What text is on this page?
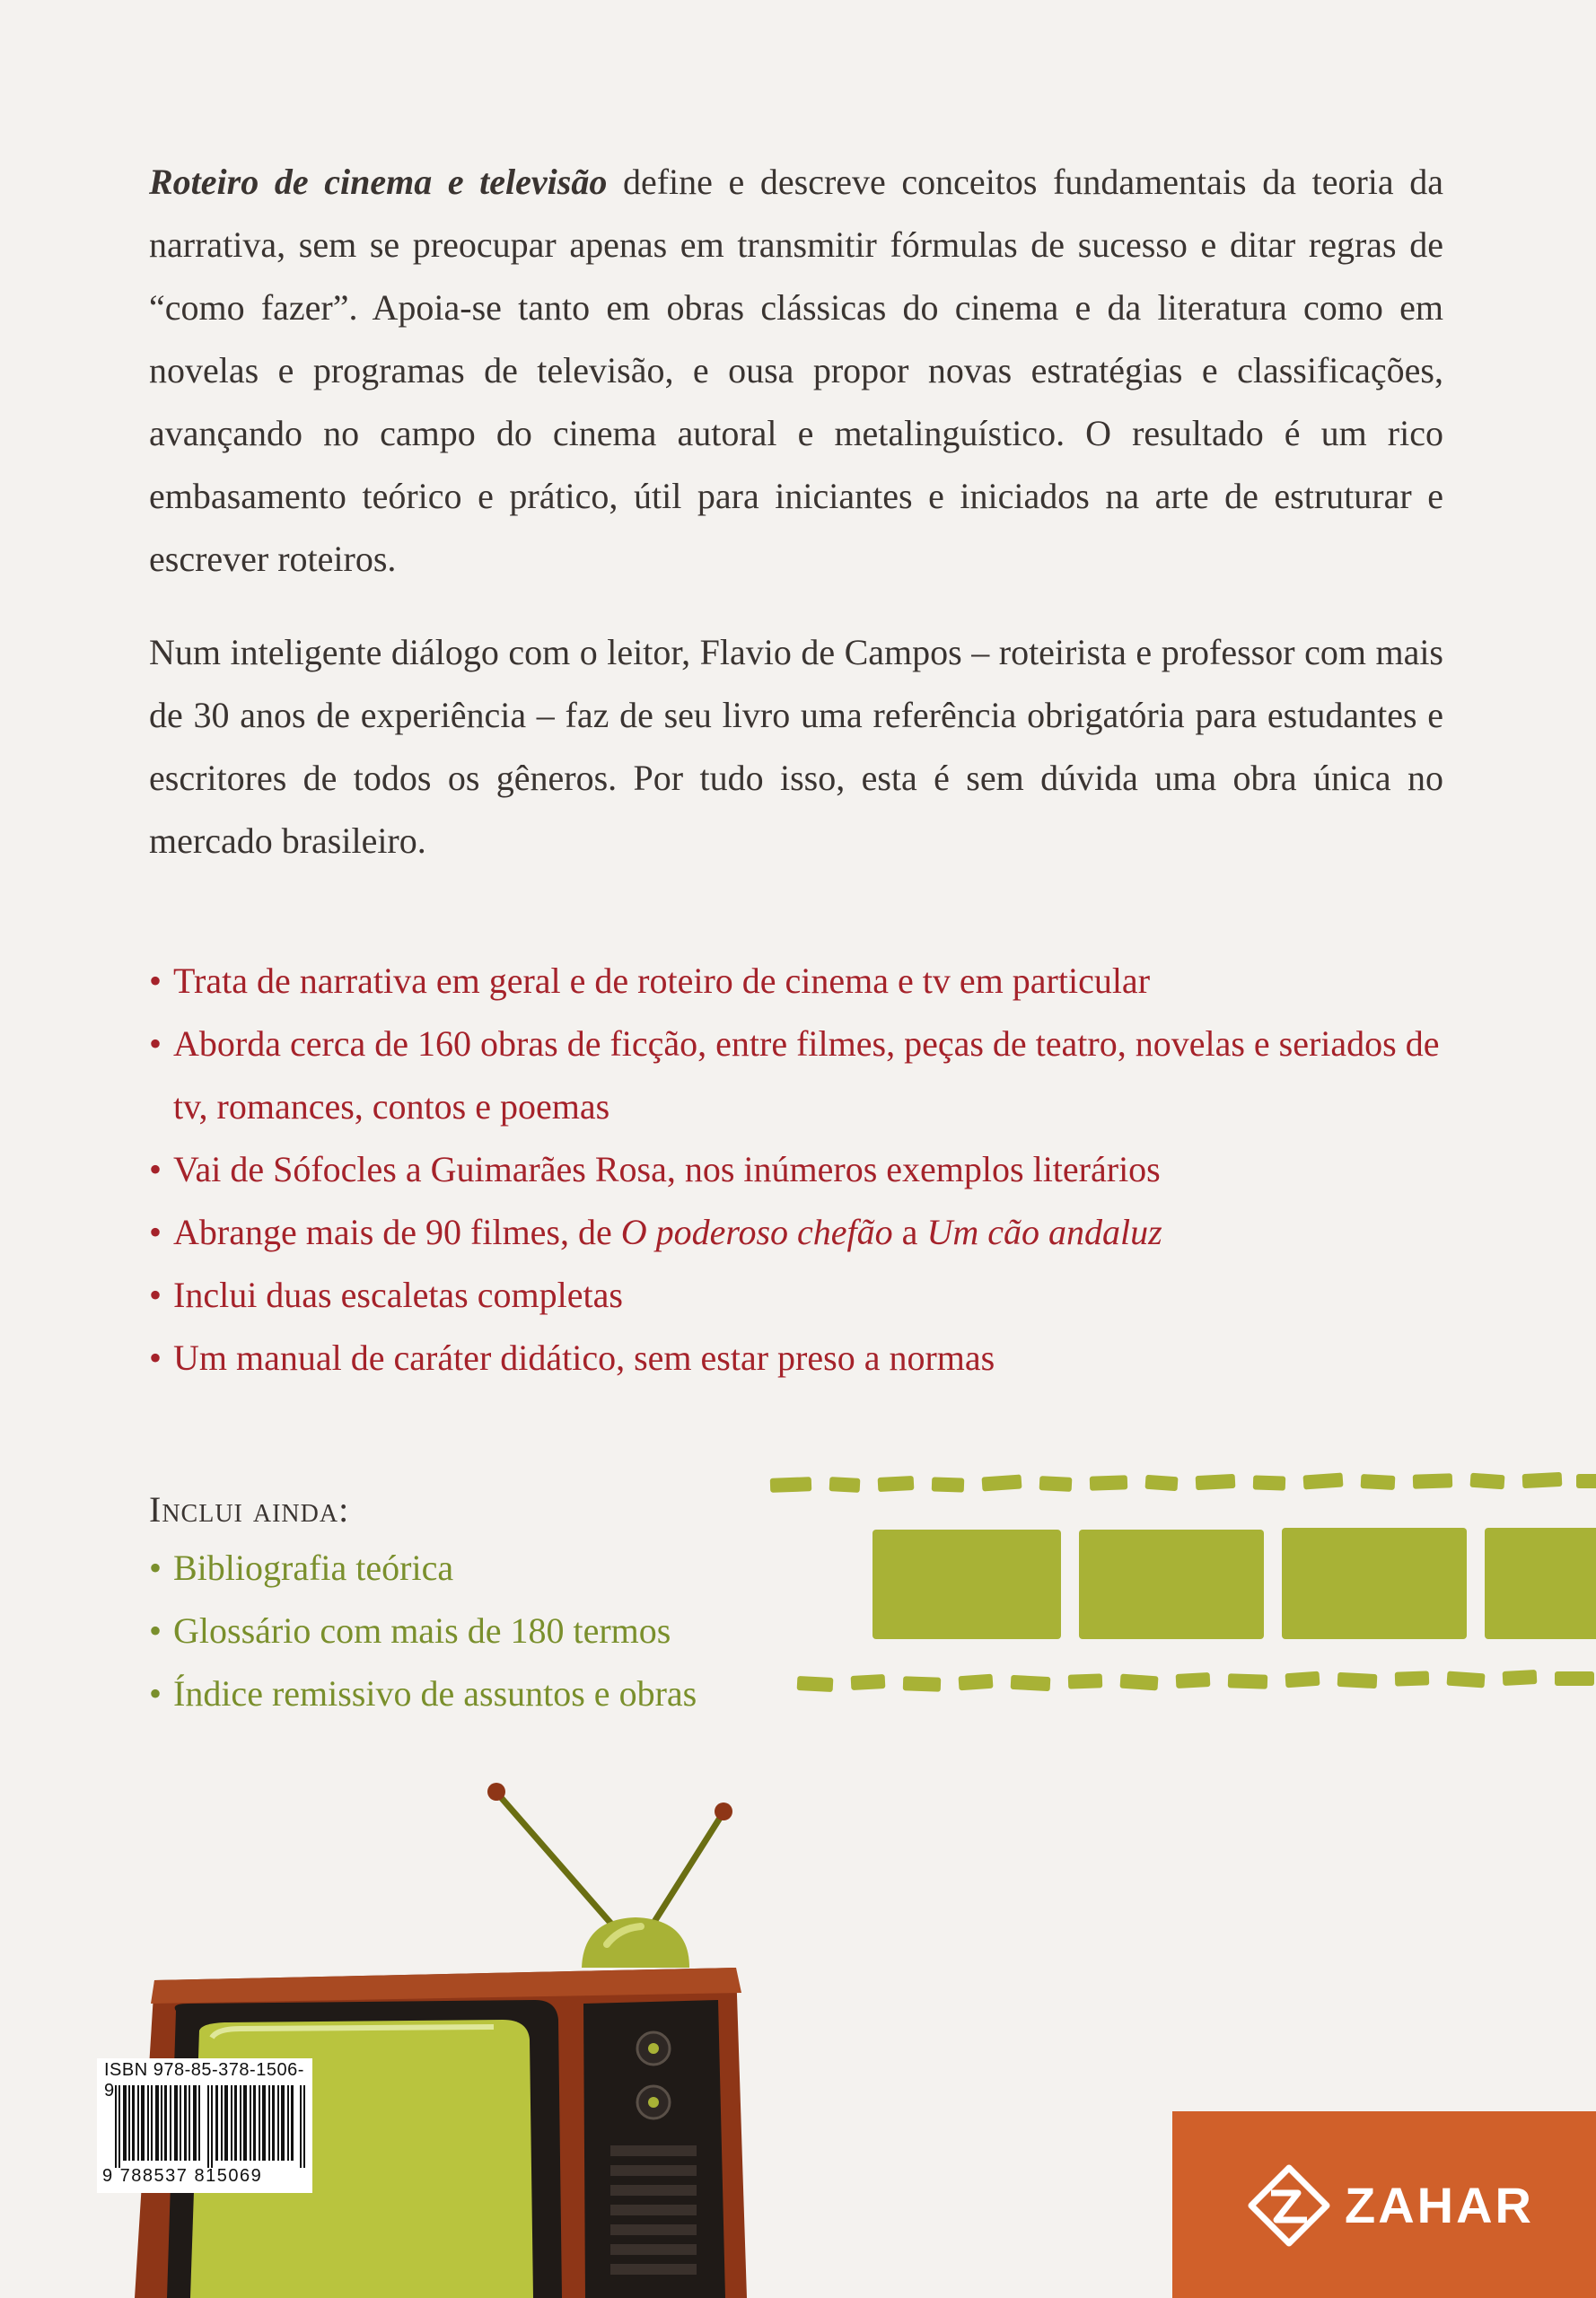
Roteiro de cinema e televisão define e descreve conceitos fundamentais da teoria da narrativa, sem se preocupar apenas em transmitir fórmulas de sucesso e ditar regras de “como fazer”. Apoia-se tanto em obras clássicas do cinema e da literatura como em novelas e programas de televisão, e ousa propor novas estratégias e classificações, avançando no campo do cinema autoral e metalinguístico. O resultado é um rico embasamento teórico e prático, útil para iniciantes e iniciados na arte de estruturar e escrever roteiros.

Num inteligente diálogo com o leitor, Flavio de Campos – roteirista e professor com mais de 30 anos de experiência – faz de seu livro uma referência obrigatória para estudantes e escritores de todos os gêneros. Por tudo isso, esta é sem dúvida uma obra única no mercado brasileiro.

• Trata de narrativa em geral e de roteiro de cinema e tv em particular
• Aborda cerca de 160 obras de ficção, entre filmes, peças de teatro, novelas e seriados de tv, romances, contos e poemas
• Vai de Sófocles a Guimarães Rosa, nos inúmeros exemplos literários
• Abrange mais de 90 filmes, de O poderoso chefão a Um cão andaluz
• Inclui duas escaletas completas
• Um manual de caráter didático, sem estar preso a normas
Inclui ainda:
• Bibliografia teórica
• Glossário com mais de 180 termos
• Índice remissivo de assuntos e obras
ISBN 978-85-378-1506-9
9 788537 815069
ZAHAR
